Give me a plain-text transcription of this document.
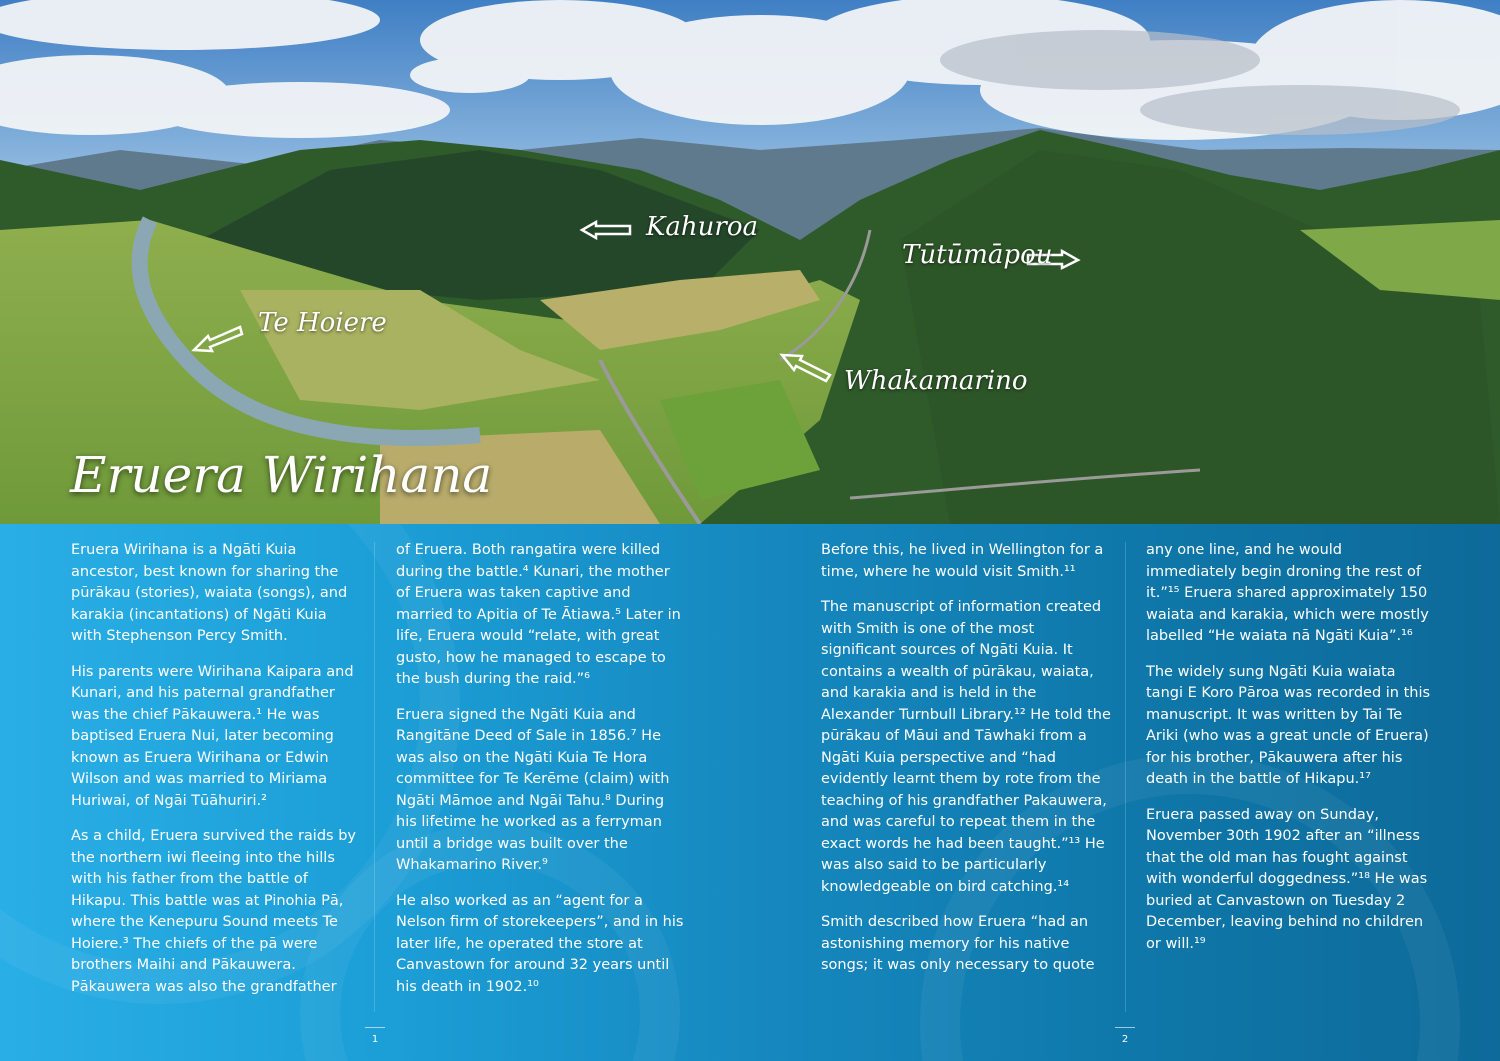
Kahuroa
Tūtūmāpou
Te Hoiere
Whakamarino
Eruera Wirihana

Eruera Wirihana is a Ngāti Kuia ancestor, best known for sharing the pūrākau (stories), waiata (songs), and karakia (incantations) of Ngāti Kuia with Stephenson Percy Smith.

His parents were Wirihana Kaipara and Kunari, and his paternal grandfather was the chief Pākauwera.¹ He was baptised Eruera Nui, later becoming known as Eruera Wirihana or Edwin Wilson and was married to Miriama Huriwai, of Ngāi Tūāhuriri.²

As a child, Eruera survived the raids by the northern iwi fleeing into the hills with his father from the battle of Hikapu. This battle was at Pinohia Pā, where the Kenepuru Sound meets Te Hoiere.³ The chiefs of the pā were brothers Maihi and Pākauwera. Pākauwera was also the grandfather

of Eruera. Both rangatira were killed during the battle.⁴ Kunari, the mother of Eruera was taken captive and married to Apitia of Te Ātiawa.⁵ Later in life, Eruera would “relate, with great gusto, how he managed to escape to the bush during the raid.”⁶

Eruera signed the Ngāti Kuia and Rangitāne Deed of Sale in 1856.⁷ He was also on the Ngāti Kuia Te Hora committee for Te Kerēme (claim) with Ngāti Māmoe and Ngāi Tahu.⁸ During his lifetime he worked as a ferryman until a bridge was built over the Whakamarino River.⁹

He also worked as an “agent for a Nelson firm of storekeepers”, and in his later life, he operated the store at Canvastown for around 32 years until his death in 1902.¹⁰

Before this, he lived in Wellington for a time, where he would visit Smith.¹¹

The manuscript of information created with Smith is one of the most significant sources of Ngāti Kuia. It contains a wealth of pūrākau, waiata, and karakia and is held in the Alexander Turnbull Library.¹² He told the pūrākau of Māui and Tāwhaki from a Ngāti Kuia perspective and “had evidently learnt them by rote from the teaching of his grandfather Pakauwera, and was careful to repeat them in the exact words he had been taught.”¹³ He was also said to be particularly knowledgeable on bird catching.¹⁴

Smith described how Eruera “had an astonishing memory for his native songs; it was only necessary to quote

any one line, and he would immediately begin droning the rest of it.”¹⁵ Eruera shared approximately 150 waiata and karakia, which were mostly labelled “He waiata nā Ngāti Kuia”.¹⁶

The widely sung Ngāti Kuia waiata tangi E Koro Pāroa was recorded in this manuscript. It was written by Tai Te Ariki (who was a great uncle of Eruera) for his brother, Pākauwera after his death in the battle of Hikapu.¹⁷

Eruera passed away on Sunday, November 30th 1902 after an “illness that the old man has fought against with wonderful doggedness.”¹⁸ He was buried at Canvastown on Tuesday 2 December, leaving behind no children or will.¹⁹

1	2
